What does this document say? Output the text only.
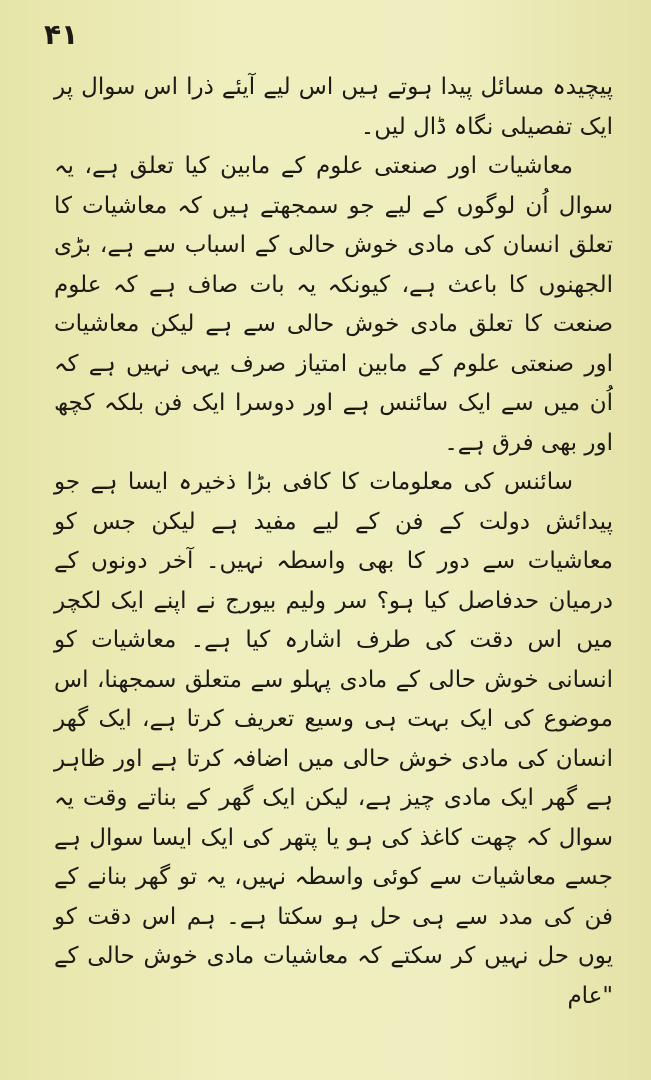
۴۱

پیچیدہ مسائل پیدا ہوتے ہیں اس لیے آیئے ذرا اس سوال پر ایک تفصیلی نگاہ ڈال لیں۔

معاشیات اور صنعتی علوم کے مابین کیا تعلق ہے، یہ سوال اُن لوگوں کے لیے جو سمجھتے ہیں کہ معاشیات کا تعلق انسان کی مادی خوش حالی کے اسباب سے ہے، بڑی الجھنوں کا باعث ہے، کیونکہ یہ بات صاف ہے کہ علوم صنعت کا تعلق مادی خوش حالی سے ہے لیکن معاشیات اور صنعتی علوم کے مابین امتیاز صرف یہی نہیں ہے کہ اُن میں سے ایک سائنس ہے اور دوسرا ایک فن بلکہ کچھ اور بھی فرق ہے۔

سائنس کی معلومات کا کافی بڑا ذخیرہ ایسا ہے جو پیدائش دولت کے فن کے لیے مفید ہے لیکن جس کو معاشیات سے دور کا بھی واسطہ نہیں۔ آخر دونوں کے درمیان حدفاصل کیا ہو؟ سر ولیم بیورج نے اپنے ایک لکچر میں اس دقت کی طرف اشارہ کیا ہے۔ معاشیات کو انسانی خوش حالی کے مادی پہلو سے متعلق سمجھنا، اس موضوع کی ایک بہت ہی وسیع تعریف کرتا ہے، ایک گھر انسان کی مادی خوش حالی میں اضافہ کرتا ہے اور ظاہر ہے گھر ایک مادی چیز ہے، لیکن ایک گھر کے بناتے وقت یہ سوال کہ چھت کاغذ کی ہو یا پتھر کی ایک ایسا سوال ہے جسے معاشیات سے کوئی واسطہ نہیں، یہ تو گھر بنانے کے فن کی مدد سے ہی حل ہو سکتا ہے۔ ہم اس دقت کو یوں حل نہیں کر سکتے کہ معاشیات مادی خوش حالی کے "عام
